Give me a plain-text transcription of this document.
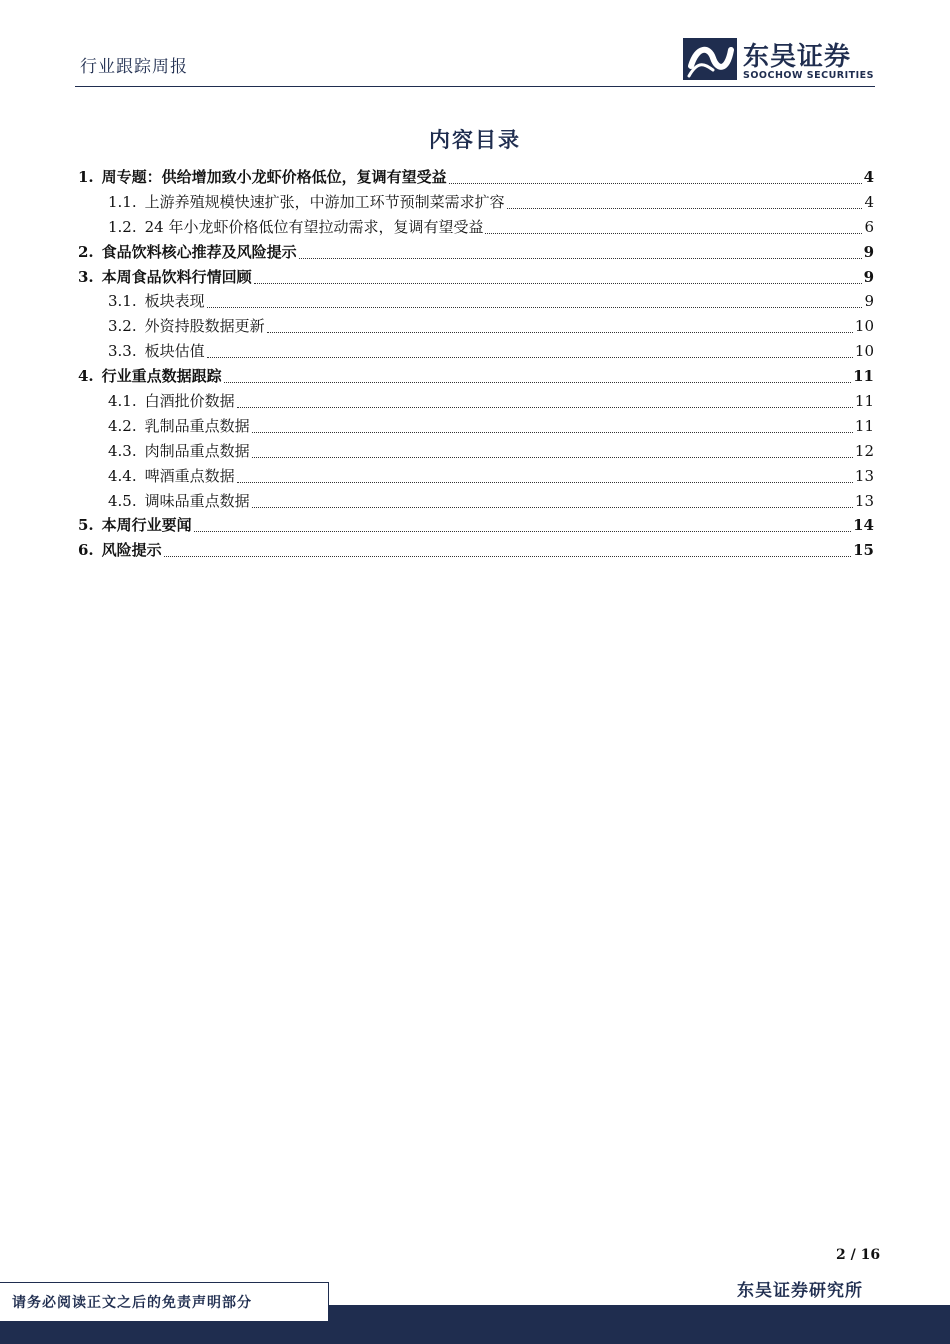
行业跟踪周报	东吴证券
SOOCHOW SECURITIES
内容目录
1. 周专题：供给增加致小龙虾价格低位，复调有望受益	4
1.1. 上游养殖规模快速扩张，中游加工环节预制菜需求扩容	4
1.2. 24 年小龙虾价格低位有望拉动需求，复调有望受益	6
2. 食品饮料核心推荐及风险提示	9
3. 本周食品饮料行情回顾	9
3.1. 板块表现	9
3.2. 外资持股数据更新	10
3.3. 板块估值	10
4. 行业重点数据跟踪	11
4.1. 白酒批价数据	11
4.2. 乳制品重点数据	11
4.3. 肉制品重点数据	12
4.4. 啤酒重点数据	13
4.5. 调味品重点数据	13
5. 本周行业要闻	14
6. 风险提示	15
2 / 16
东吴证券研究所
请务必阅读正文之后的免责声明部分
